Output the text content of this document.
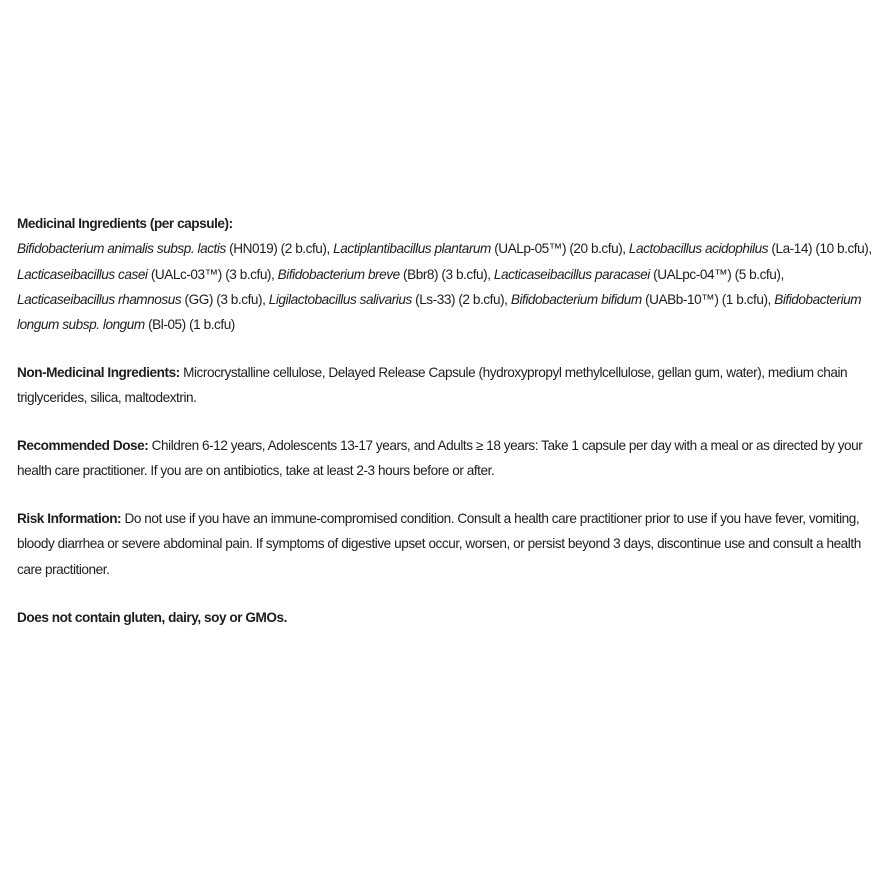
Medicinal Ingredients (per capsule):
Bifidobacterium animalis subsp. lactis (HN019) (2 b.cfu), Lactiplantibacillus plantarum (UALp-05™) (20 b.cfu), Lactobacillus acidophilus (La-14) (10 b.cfu), Lacticaseibacillus casei (UALc-03™) (3 b.cfu), Bifidobacterium breve (Bbr8) (3 b.cfu), Lacticaseibacillus paracasei (UALpc-04™) (5 b.cfu), Lacticaseibacillus rhamnosus (GG) (3 b.cfu), Ligilactobacillus salivarius (Ls-33) (2 b.cfu), Bifidobacterium bifidum (UABb-10™) (1 b.cfu), Bifidobacterium longum subsp. longum (Bl-05) (1 b.cfu)
Non-Medicinal Ingredients: Microcrystalline cellulose, Delayed Release Capsule (hydroxypropyl methylcellulose, gellan gum, water), medium chain triglycerides, silica, maltodextrin.
Recommended Dose: Children 6-12 years, Adolescents 13-17 years, and Adults ≥ 18 years: Take 1 capsule per day with a meal or as directed by your health care practitioner. If you are on antibiotics, take at least 2-3 hours before or after.
Risk Information: Do not use if you have an immune-compromised condition. Consult a health care practitioner prior to use if you have fever, vomiting, bloody diarrhea or severe abdominal pain. If symptoms of digestive upset occur, worsen, or persist beyond 3 days, discontinue use and consult a health care practitioner.
Does not contain gluten, dairy, soy or GMOs.
